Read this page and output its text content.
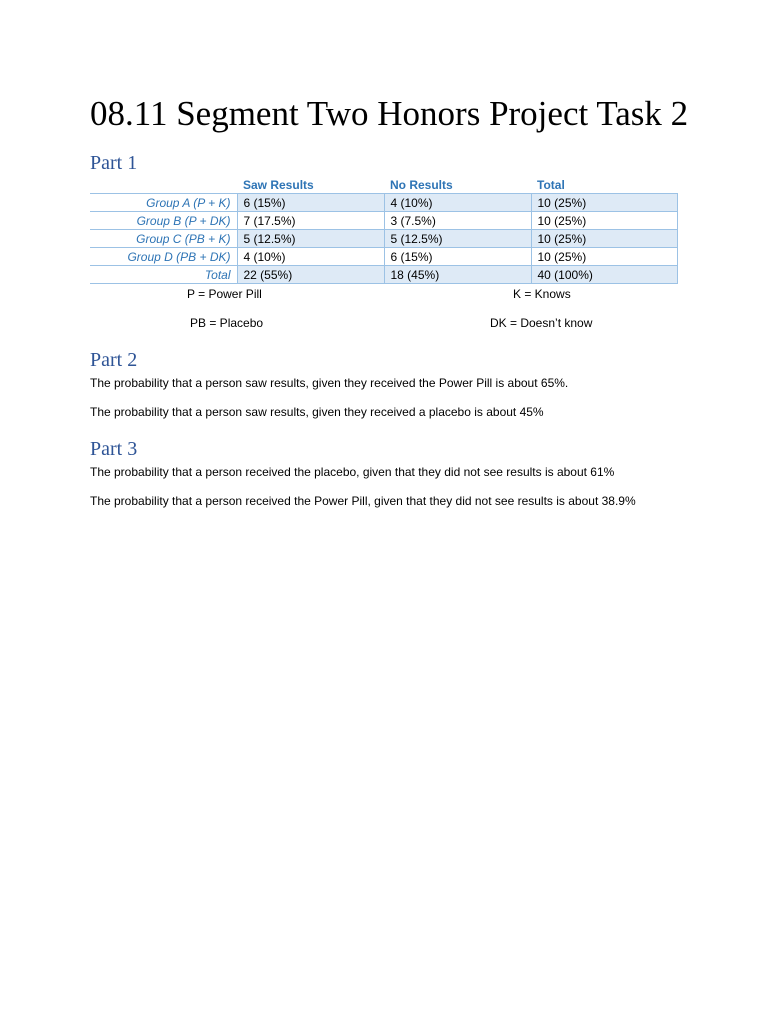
08.11 Segment Two Honors Project Task 2
Part 1
	Saw Results	No Results	Total
Group A (P + K)	6 (15%)	4 (10%)	10 (25%)
Group B (P + DK)	7 (17.5%)	3 (7.5%)	10 (25%)
Group C (PB + K)	5 (12.5%)	5 (12.5%)	10 (25%)
Group D (PB + DK)	4 (10%)	6 (15%)	10 (25%)
Total	22 (55%)	18 (45%)	40 (100%)
P = Power Pill	K = Knows
PB = Placebo	DK = Doesn’t know
Part 2
The probability that a person saw results, given they received the Power Pill is about 65%.
The probability that a person saw results, given they received a placebo is about 45%
Part 3
The probability that a person received the placebo, given that they did not see results is about 61%
The probability that a person received the Power Pill, given that they did not see results is about 38.9%
